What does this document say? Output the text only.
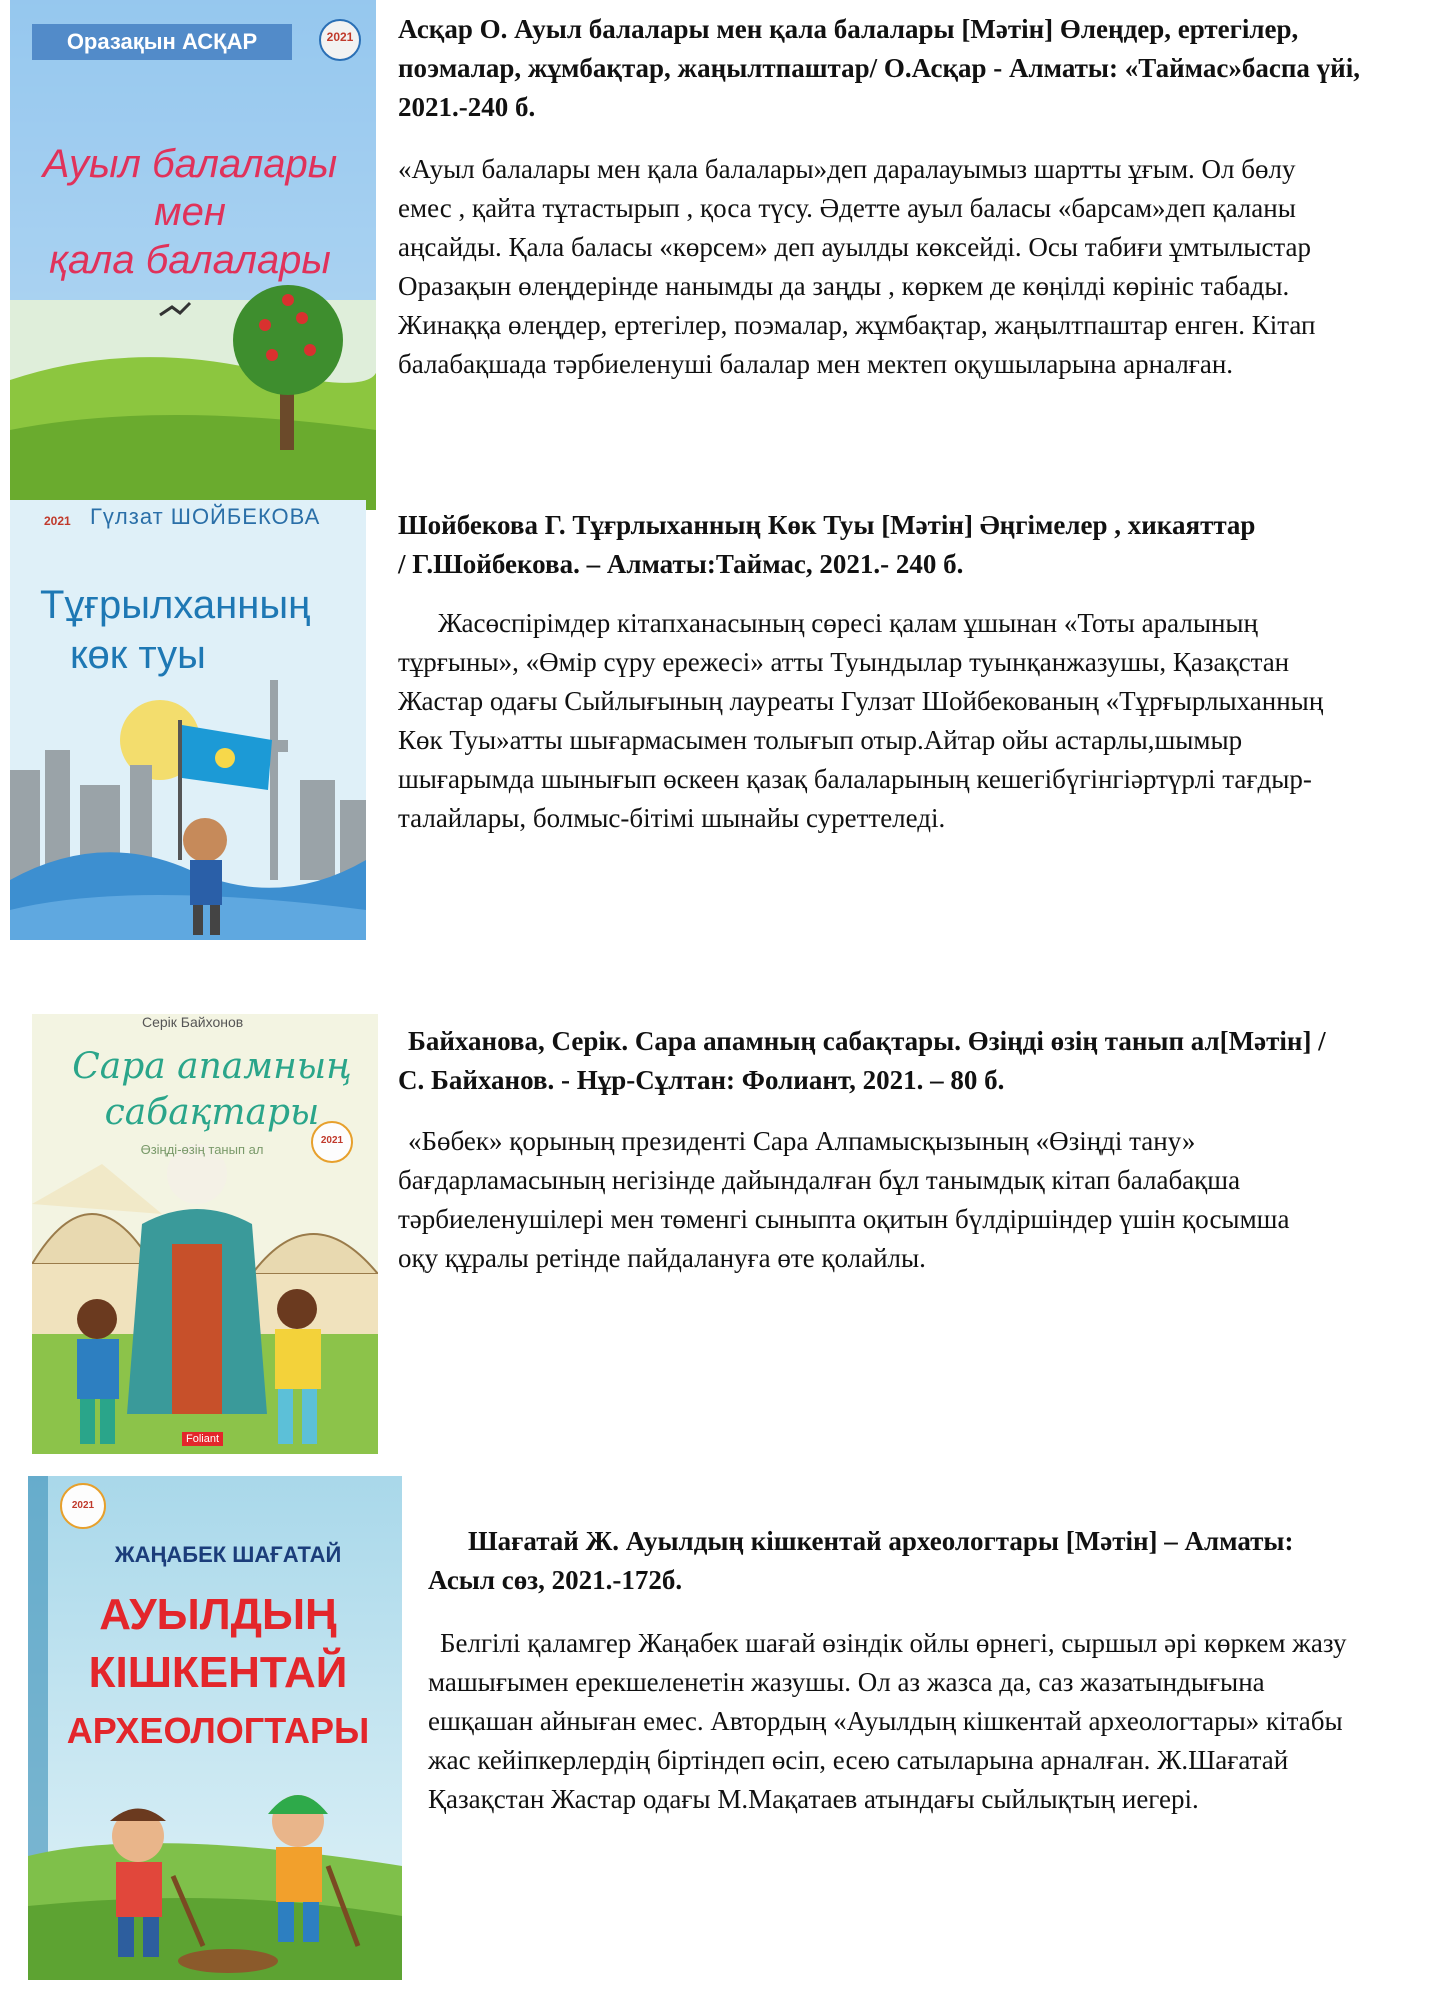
Оразақын АСҚАР	2021
Ауыл балалары
мен
қала балалары

Асқар О. Ауыл балалары мен қала балалары [Мәтін] Өлеңдер, ертегілер, поэмалар, жұмбақтар, жаңылтпаштар/ О.Асқар - Алматы: «Таймас»баспа үйі, 2021.-240 б.

«Ауыл балалары мен қала балалары»деп даралауымыз шартты ұғым. Ол бөлу емес , қайта тұтастырып , қоса түсу. Әдетте ауыл баласы «барсам»деп қаланы аңсайды. Қала баласы «көрсем» деп ауылды көксейді. Осы табиғи ұмтылыстар Оразақын өлеңдерінде нанымды да заңды , көркем де көңілді көрініс табады. Жинаққа өлеңдер, ертегілер, поэмалар, жұмбақтар, жаңылтпаштар енген. Кітап балабақшада тәрбиеленуші балалар мен мектеп оқушыларына арналған.

Гүлзат ШОЙБЕКОВА
2021
Тұғрылханның
көк туы

Шойбекова Г. Тұғрлыханның Көк Туы [Мәтін] Әңгімелер , хикаяттар / Г.Шойбекова. – Алматы:Таймас, 2021.- 240 б.

Жасөспірімдер кітапханасының сөресі қалам ұшынан «Тоты аралының тұрғыны», «Өмір сүру ережесі» атты Туындылар туынқанжазушы, Қазақстан Жастар одағы Сыйлығының лауреаты Гулзат Шойбекованың «Тұрғырлыханның Көк Туы»атты шығармасымен толығып отыр.Айтар ойы астарлы,шымыр шығарымда шынығып өскеен қазақ балаларының кешегібүгінгіәртүрлі тағдыр-талайлары, болмыс-бітімі шынайы суреттеледі.

Серік Байхонов
Сара апамның
сабақтары
Өзіңді-өзің танып ал
2021
Foliant

Байханова, Серік. Сара апамның сабақтары. Өзіңді өзің танып ал[Мәтін] / С. Байханов. - Нұр-Сұлтан: Фолиант, 2021. – 80 б.

«Бөбек» қорының президенті Сара Алпамысқызының «Өзіңді тану» бағдарламасының негізінде дайындалған бұл танымдық кітап балабақша тәрбиеленушілері мен төменгі сыныпта оқитын бүлдіршіндер үшін қосымша оқу құралы ретінде пайдалануға өте қолайлы.

2021
ЖАҢАБЕК ШАҒАТАЙ
АУЫЛДЫҢ
КІШКЕНТАЙ
АРХЕОЛОГТАРЫ

Шағатай Ж. Ауылдың кішкентай археологтары [Мәтін] – Алматы: Асыл сөз, 2021.-172б.

Белгілі қаламгер Жаңабек шағай өзіндік ойлы өрнегі, сыршыл әрі көркем жазу машығымен ерекшеленетін жазушы. Ол аз жазса да, саз жазатындығына ешқашан айныған емес. Автордың «Ауылдың кішкентай археологтары» кітабы жас кейіпкерлердің біртіндеп өсіп, есею сатыларына арналған. Ж.Шағатай Қазақстан Жастар одағы М.Мақатаев атындағы сыйлықтың иегері.
